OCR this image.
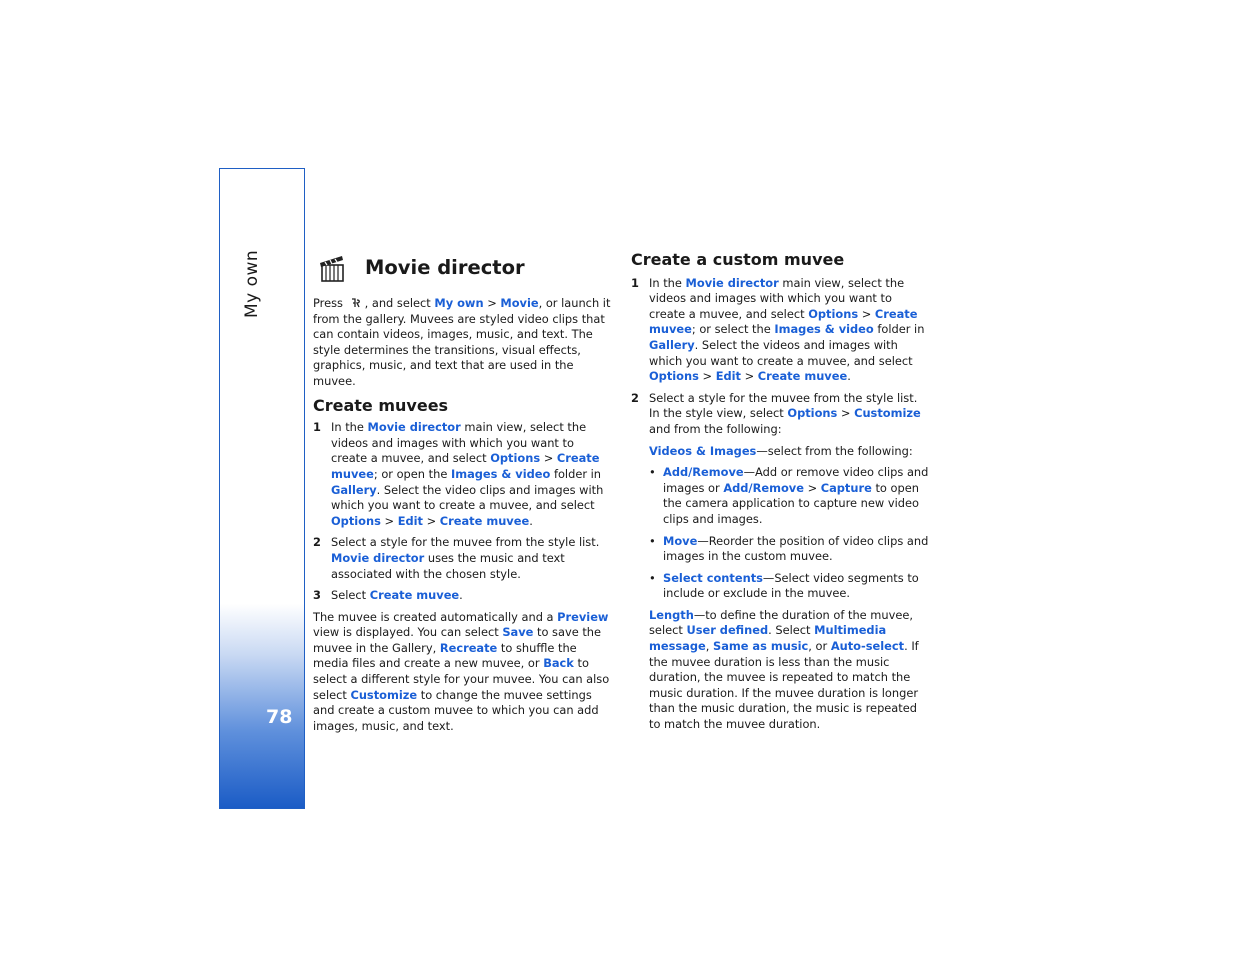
My own
78
Movie director

Press , and select My own > Movie, or launch it from the gallery. Muvees are styled video clips that can contain videos, images, music, and text. The style determines the transitions, visual effects, graphics, music, and text that are used in the muvee.

Create muvees
1 In the Movie director main view, select the videos and images with which you want to create a muvee, and select Options > Create muvee; or open the Images & video folder in Gallery. Select the video clips and images with which you want to create a muvee, and select Options > Edit > Create muvee.
2 Select a style for the muvee from the style list. Movie director uses the music and text associated with the chosen style.
3 Select Create muvee.

The muvee is created automatically and a Preview view is displayed. You can select Save to save the muvee in the Gallery, Recreate to shuffle the media files and create a new muvee, or Back to select a different style for your muvee. You can also select Customize to change the muvee settings and create a custom muvee to which you can add images, music, and text.

Create a custom muvee
1 In the Movie director main view, select the videos and images with which you want to create a muvee, and select Options > Create muvee; or select the Images & video folder in Gallery. Select the videos and images with which you want to create a muvee, and select Options > Edit > Create muvee.
2 Select a style for the muvee from the style list. In the style view, select Options > Customize and from the following:

Videos & Images—select from the following:

• Add/Remove—Add or remove video clips and images or Add/Remove > Capture to open the camera application to capture new video clips and images.
• Move—Reorder the position of video clips and images in the custom muvee.
• Select contents—Select video segments to include or exclude in the muvee.

Length—to define the duration of the muvee, select User defined. Select Multimedia message, Same as music, or Auto-select. If the muvee duration is less than the music duration, the muvee is repeated to match the music duration. If the muvee duration is longer than the music duration, the music is repeated to match the muvee duration.
